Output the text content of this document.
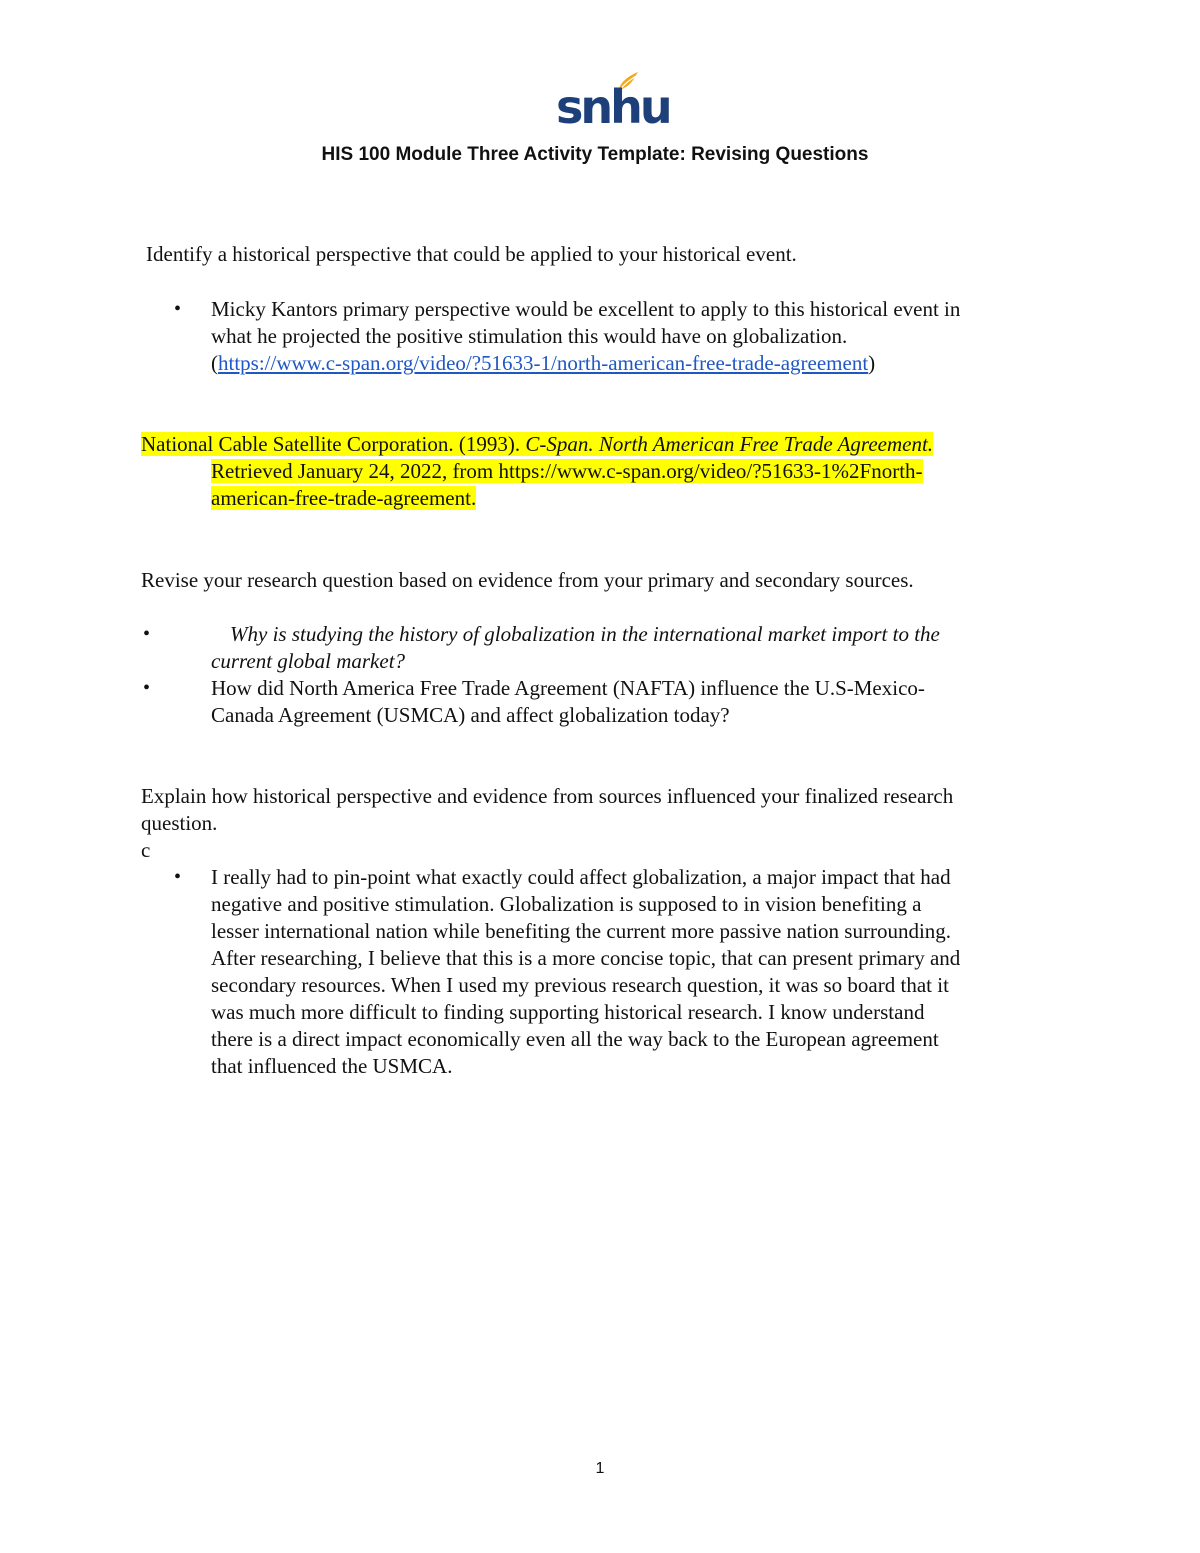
snhu
HIS 100 Module Three Activity Template: Revising Questions

Identify a historical perspective that could be applied to your historical event.

• Micky Kantors primary perspective would be excellent to apply to this historical event in
what he projected the positive stimulation this would have on globalization.
(https://www.c-span.org/video/?51633-1/north-american-free-trade-agreement)
National Cable Satellite Corporation. (1993). C-Span. North American Free Trade Agreement.
Retrieved January 24, 2022, from https://www.c-span.org/video/?51633-1%2Fnorth-
american-free-trade-agreement.

Revise your research question based on evidence from your primary and secondary sources.

•	Why is studying the history of globalization in the international market import to the
current global market?
•	How did North America Free Trade Agreement (NAFTA) influence the U.S-Mexico-
Canada Agreement (USMCA) and affect globalization today?
Explain how historical perspective and evidence from sources influenced your finalized research
question.

c

• I really had to pin-point what exactly could affect globalization, a major impact that had
negative and positive stimulation. Globalization is supposed to in vision benefiting a
lesser international nation while benefiting the current more passive nation surrounding.
After researching, I believe that this is a more concise topic, that can present primary and
secondary resources. When I used my previous research question, it was so board that it
was much more difficult to finding supporting historical research. I know understand
there is a direct impact economically even all the way back to the European agreement
that influenced the USMCA.
1
